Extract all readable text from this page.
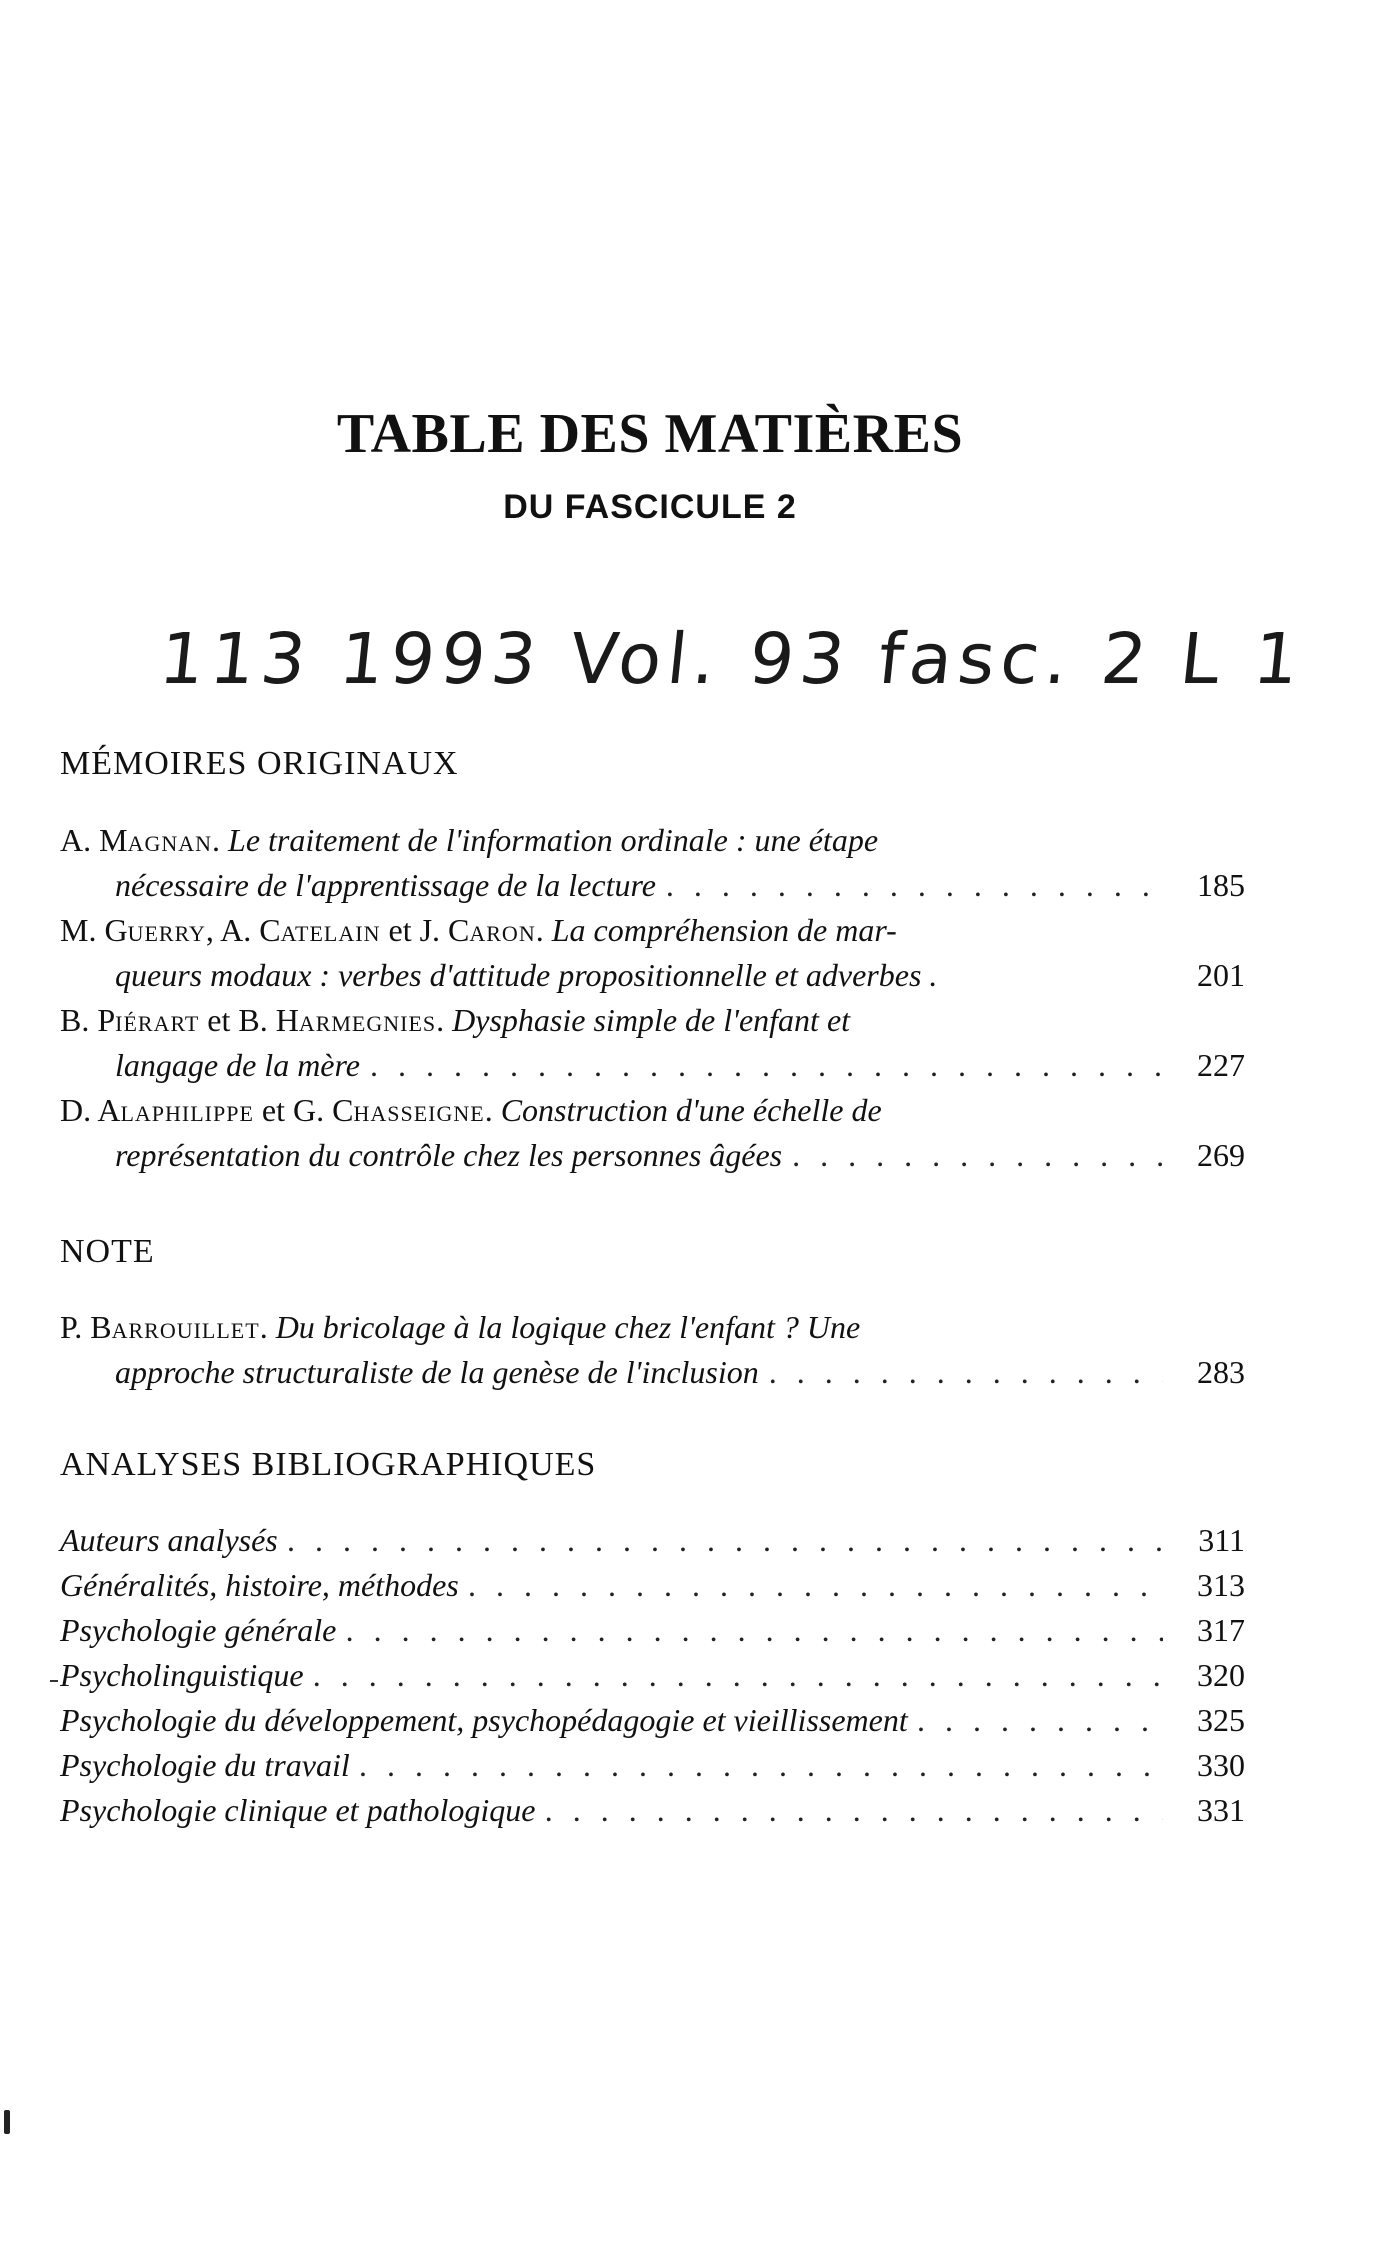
TABLE DES MATIÈRES
DU FASCICULE 2
113 1993 Vol. 93 fasc. 2 L 1
MÉMOIRES ORIGINAUX
A. Magnan. Le traitement de l'information ordinale : une étape
nécessaire de l'apprentissage de la lecture . . .	185
M. Guerry, A. Catelain et J. Caron. La compréhension de mar-
queurs modaux : verbes d'attitude propositionnelle et adverbes .	201
B. Piérart et B. Harmegnies. Dysphasie simple de l'enfant et
langage de la mère . . .	227
D. Alaphilippe et G. Chasseigne. Construction d'une échelle de
représentation du contrôle chez les personnes âgées . . .	269
NOTE
P. Barrouillet. Du bricolage à la logique chez l'enfant ? Une
approche structuraliste de la genèse de l'inclusion . . .	283
ANALYSES BIBLIOGRAPHIQUES
Auteurs analysés . . .	311
Généralités, histoire, méthodes . . .	313
Psychologie générale . . .	317
Psycholinguistique . . .	320
Psychologie du développement, psychopédagogie et vieillissement . . .	325
Psychologie du travail . . .	330
Psychologie clinique et pathologique . . .	331
